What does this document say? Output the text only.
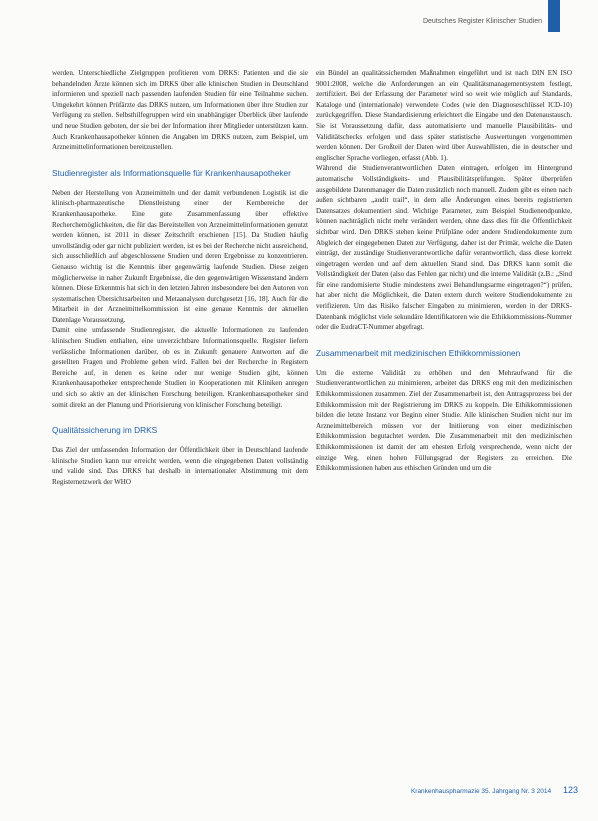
Deutsches Register Klinischer Studien

werden. Unterschiedliche Zielgruppen profitieren vom DRKS: Patienten und die sie behandelnden Ärzte können sich im DRKS über alle klinischen Studien in Deutschland informieren und speziell nach passenden laufenden Studien für eine Teilnahme suchen. Umgekehrt können Prüfärzte das DRKS nutzen, um Informationen über ihre Studien zur Verfügung zu stellen. Selbsthilfegruppen wird ein unabhängiger Überblick über laufende und neue Studien geboten, der sie bei der Information ihrer Mitglieder unterstützen kann. Auch Krankenhausapotheker können die Angaben im DRKS nutzen, zum Beispiel, um Arzneimittelinformationen bereitzustellen.

Studienregister als Informationsquelle für Krankenhausapotheker

Neben der Herstellung von Arzneimitteln und der damit verbundenen Logistik ist die klinisch-pharmazeutische Dienstleistung einer der Kernbereiche der Krankenhausapotheke. Eine gute Zusammenfassung über effektive Recherchemöglichkeiten, die für das Bereitstellen von Arzneimittelinformationen genutzt werden können, ist 2011 in dieser Zeitschrift erschienen [15]. Da Studien häufig unvollständig oder gar nicht publiziert werden, ist es bei der Recherche nicht ausreichend, sich ausschließlich auf abgeschlossene Studien und deren Ergebnisse zu konzentrieren. Genauso wichtig ist die Kenntnis über gegenwärtig laufende Studien. Diese zeigen möglicherweise in naher Zukunft Ergebnisse, die den gegenwärtigen Wissenstand ändern können. Diese Erkenntnis hat sich in den letzten Jahren insbesondere bei den Autoren von systematischen Übersichtsarbeiten und Metaanalysen durchgesetzt [16, 18]. Auch für die Mitarbeit in der Arzneimittelkommission ist eine genaue Kenntnis der aktuellen Datenlage Voraussetzung.

Damit eine umfassende Studienregister, die aktuelle Informationen zu laufenden klinischen Studien enthalten, eine unverzichtbare Informationsquelle. Register liefern verlässliche Informationen darüber, ob es in Zukunft genauere Antworten auf die gestellten Fragen und Probleme geben wird. Fallen bei der Recherche in Registern Bereiche auf, in denen es keine oder nur wenige Studien gibt, können Krankenhausapotheker entsprechende Studien in Kooperationen mit Kliniken anregen und sich so aktiv an der klinischen Forschung beteiligen. Krankenhausapotheker sind somit direkt an der Planung und Priorisierung von klinischer Forschung beteiligt.

Qualitätssicherung im DRKS

Das Ziel der umfassenden Information der Öffentlichkeit über in Deutschland laufende klinische Studien kann nur erreicht werden, wenn die eingegebenen Daten vollständig und valide sind. Das DRKS hat deshalb in internationaler Abstimmung mit dem Registernetzwerk der WHO

ein Bündel an qualitätssichernden Maßnahmen eingeführt und ist nach DIN EN ISO 9001:2008, welche die Anforderungen an ein Qualitätsmanagementsystem festlegt, zertifiziert. Bei der Erfassung der Parameter wird so weit wie möglich auf Standards, Kataloge und (internationale) verwendete Codes (wie den Diagnoseschlüssel ICD-10) zurückgegriffen. Diese Standardisierung erleichtert die Eingabe und den Datenaustausch. Sie ist Voraussetzung dafür, dass automatisierte und manuelle Plausibilitäts- und Validitätschecks erfolgen und dass später statistische Auswertungen vorgenommen werden können. Der Großteil der Daten wird über Auswahllisten, die in deutscher und englischer Sprache vorliegen, erfasst (Abb. 1).

Während die Studienverantwortlichen Daten eintragen, erfolgen im Hintergrund automatische Vollständigkeits- und Plausibilitätsprüfungen. Später überprüfen ausgebildete Datenmanager die Daten zusätzlich noch manuell. Zudem gibt es einen nach außen sichtbaren „audit trail“, in dem alle Änderungen eines bereits registrierten Datensatzes dokumentiert sind. Wichtige Parameter, zum Beispiel Studienendpunkte, können nachträglich nicht mehr verändert werden, ohne dass dies für die Öffentlichkeit sichtbar wird. Den DRKS stehen keine Prüfpläne oder andere Studiendokumente zum Abgleich der eingegebenen Daten zur Verfügung, daher ist der Primär, welche die Daten einträgt, der zuständige Studienverantwortliche dafür verantwortlich, dass diese korrekt eingetragen werden und auf dem aktuellen Stand sind. Das DRKS kann somit die Vollständigkeit der Daten (also das Fehlen gar nicht) und die interne Validität (z.B.: „Sind für eine randomisierte Studie mindestens zwei Behandlungsarme eingetragen?“) prüfen, hat aber nicht die Möglichkeit, die Daten extern durch weitere Studiendokumente zu verifizieren. Um das Risiko falscher Eingaben zu minimieren, werden in der DRKS-Datenbank möglichst viele sekundäre Identifikatoren wie die Ethikkommissions-Nummer oder die EudraCT-Nummer abgefragt.

Zusammenarbeit mit medizinischen Ethikkommissionen

Um die externe Validität zu erhöhen und den Mehraufwand für die Studienverantwortlichen zu minimieren, arbeitet das DRKS eng mit den medizinischen Ethikkommissionen zusammen. Ziel der Zusammenarbeit ist, den Antragsprozess bei der Ethikkommission mit der Registrierung im DRKS zu koppeln. Die Ethikkommissionen bilden die letzte Instanz vor Beginn einer Studie. Alle klinischen Studien nicht nur im Arzneimittelbereich müssen vor der Initiierung von einer medizinischen Ethikkommission begutachtet werden. Die Zusammenarbeit mit den medizinischen Ethikkommissionen ist damit der am ehesten Erfolg versprechende, wenn nicht der einzige Weg, einen hohen Füllungsgrad der Registers zu erreichen. Die Ethikkommissionen haben aus ethischen Gründen und um die

Krankenhauspharmazie 35. Jahrgang Nr. 3 2014 123
